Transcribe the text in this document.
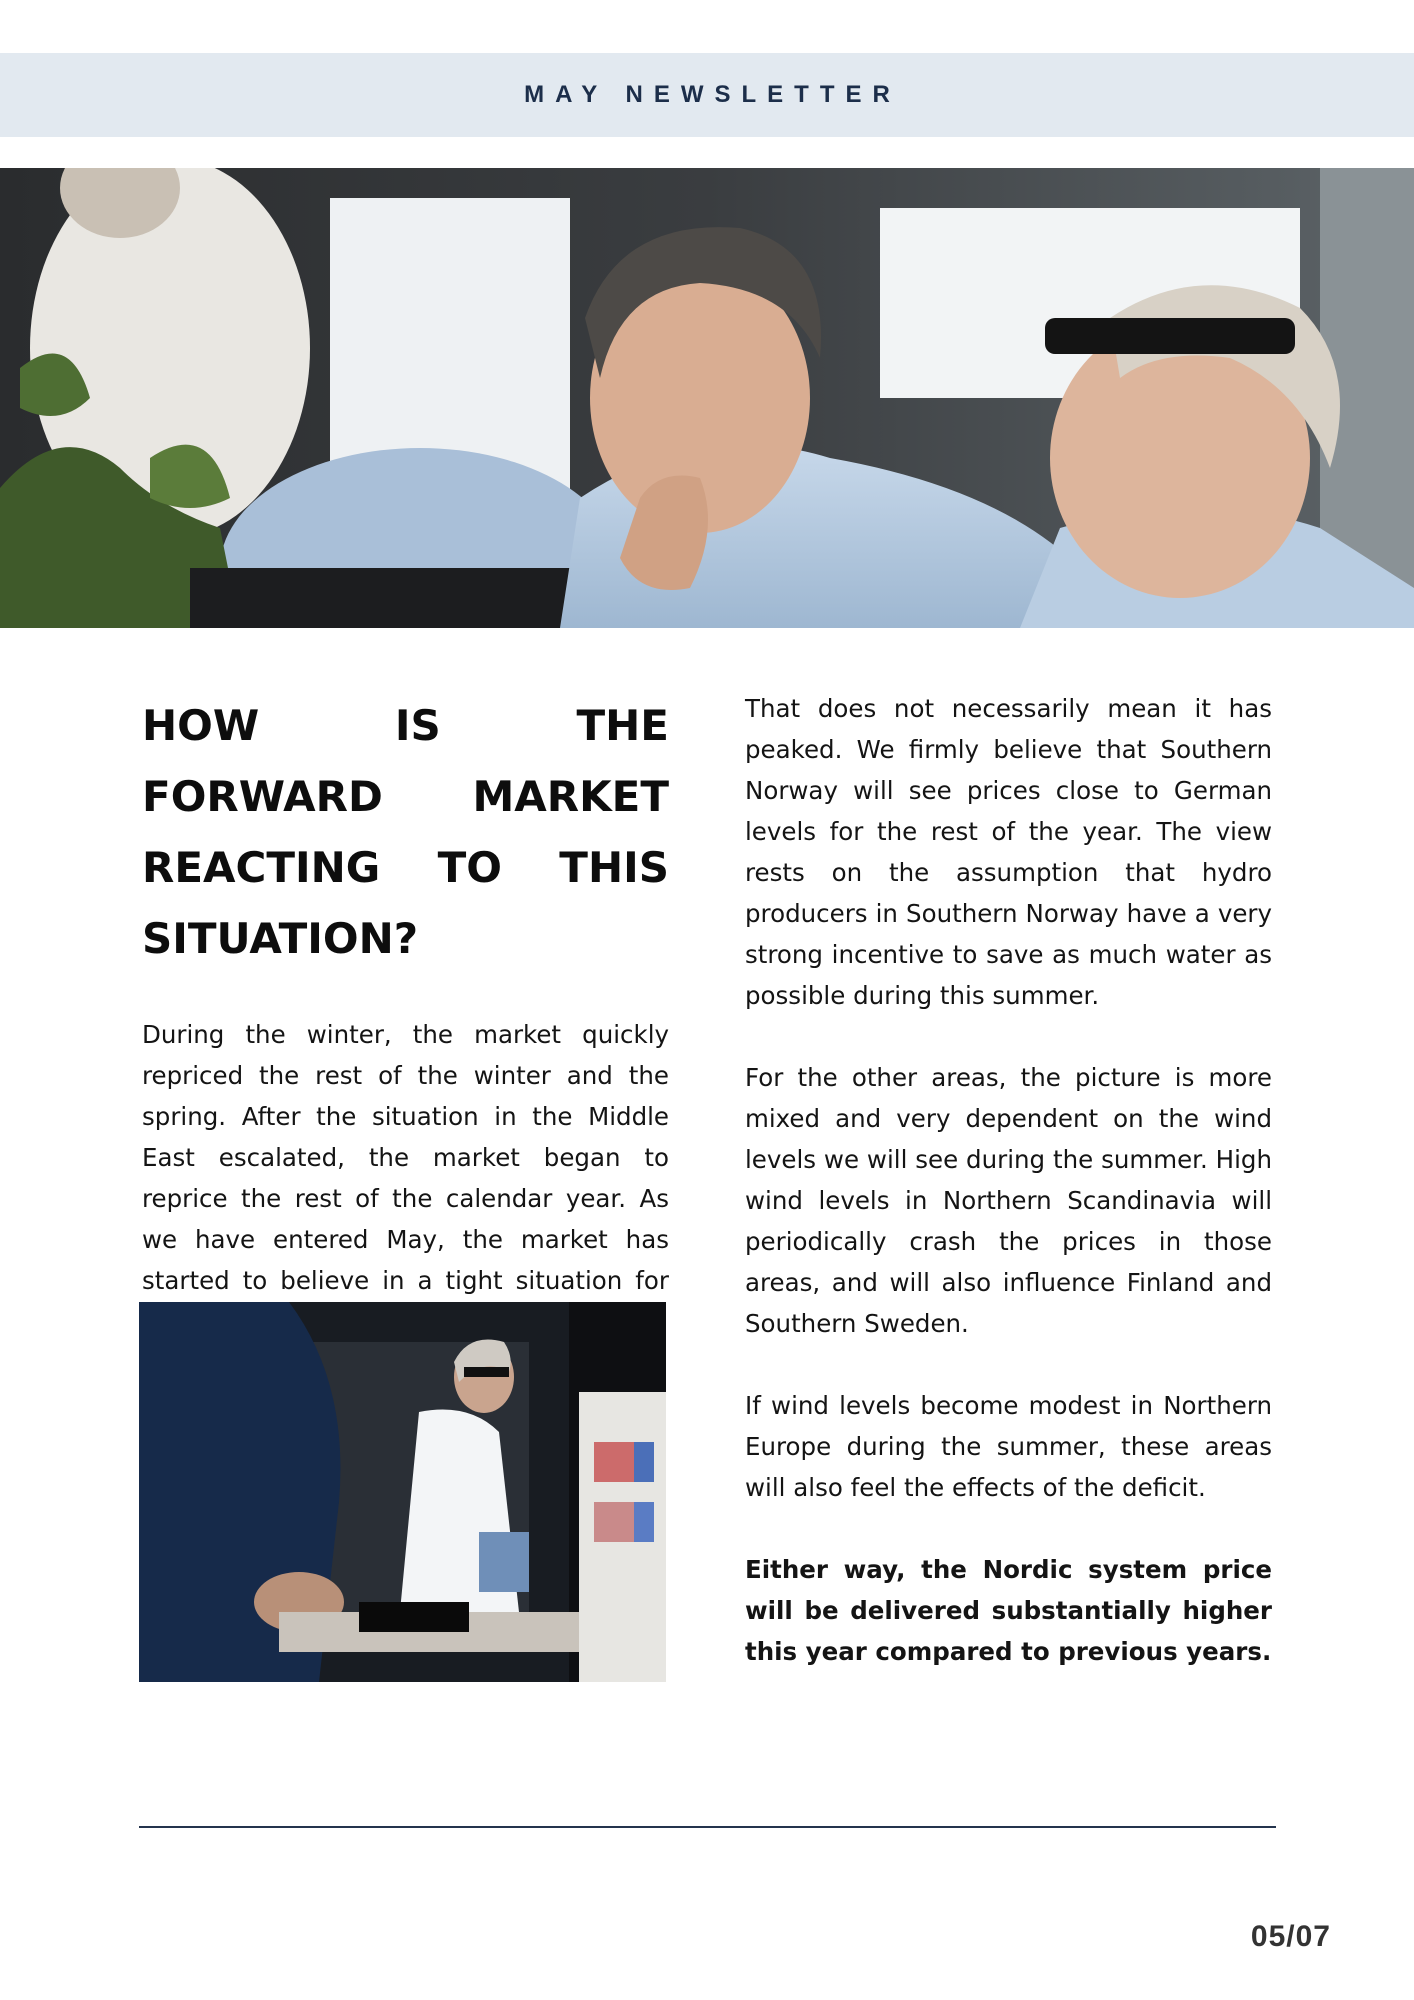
MAY NEWSLETTER
HOW IS THE FORWARD MARKET REACTING TO THIS SITUATION?

During the winter, the market quickly repriced the rest of the winter and the spring. After the situation in the Middle East escalated, the market began to reprice the rest of the calendar year. As we have entered May, the market has started to believe in a tight situation for

That does not necessarily mean it has peaked. We firmly believe that Southern Norway will see prices close to German levels for the rest of the year. The view rests on the assumption that hydro producers in Southern Norway have a very strong incentive to save as much water as possible during this summer.

For the other areas, the picture is more mixed and very dependent on the wind levels we will see during the summer. High wind levels in Northern Scandinavia will periodically crash the prices in those areas, and will also influence Finland and Southern Sweden.

If wind levels become modest in Northern Europe during the summer, these areas will also feel the effects of the deficit.

Either way, the Nordic system price will be delivered substantially higher this year compared to previous years.

05/07
